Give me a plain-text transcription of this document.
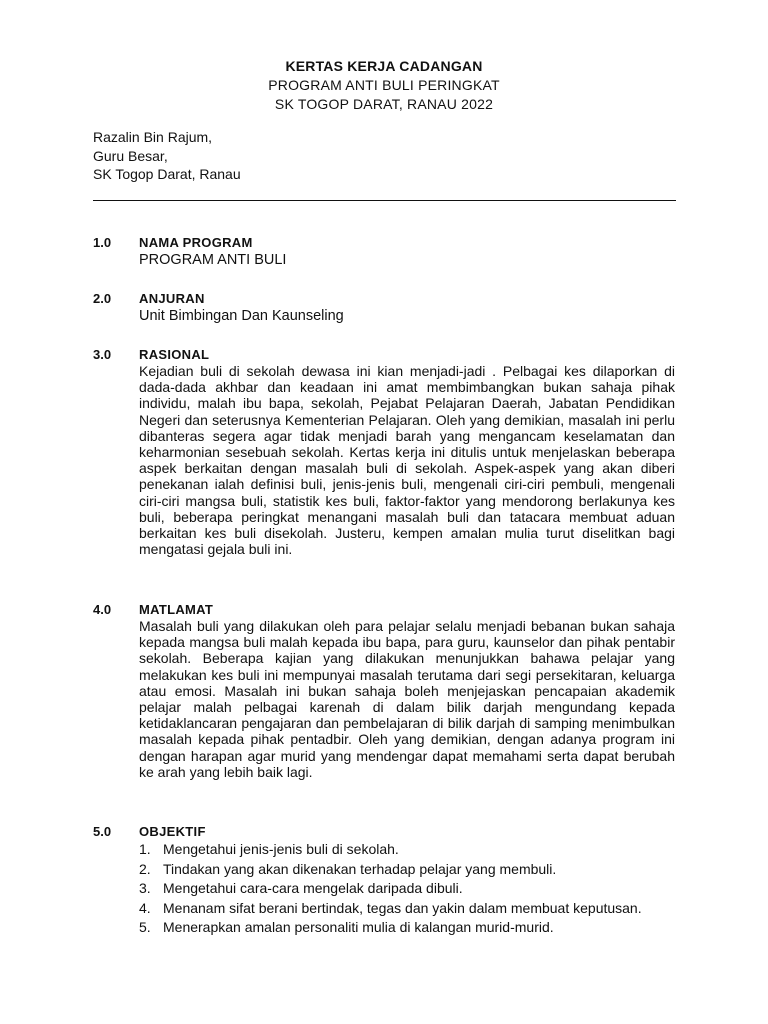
KERTAS KERJA CADANGAN
PROGRAM ANTI BULI PERINGKAT
SK TOGOP DARAT, RANAU 2022
Razalin Bin Rajum,
Guru Besar,
SK Togop Darat, Ranau
1.0 NAMA PROGRAM
PROGRAM ANTI BULI
2.0 ANJURAN
Unit Bimbingan Dan Kaunseling
3.0 RASIONAL

Kejadian buli di sekolah dewasa ini kian menjadi-jadi . Pelbagai kes dilaporkan di dada-dada akhbar dan keadaan ini amat membimbangkan bukan sahaja pihak individu, malah ibu bapa, sekolah, Pejabat Pelajaran Daerah, Jabatan Pendidikan Negeri dan seterusnya Kementerian Pelajaran. Oleh yang demikian, masalah ini perlu dibanteras segera agar tidak menjadi barah yang mengancam keselamatan dan keharmonian sesebuah sekolah. Kertas kerja ini ditulis untuk menjelaskan beberapa aspek berkaitan dengan masalah buli di sekolah. Aspek-aspek yang akan diberi penekanan ialah definisi buli, jenis-jenis buli, mengenali ciri-ciri pembuli, mengenali ciri-ciri mangsa buli, statistik kes buli, faktor-faktor yang mendorong berlakunya kes buli, beberapa peringkat menangani masalah buli dan tatacara membuat aduan berkaitan kes buli disekolah. Justeru, kempen amalan mulia turut diselitkan bagi mengatasi gejala buli ini.

4.0 MATLAMAT

Masalah buli yang dilakukan oleh para pelajar selalu menjadi bebanan bukan sahaja kepada mangsa buli malah kepada ibu bapa, para guru, kaunselor dan pihak pentabir sekolah. Beberapa kajian yang dilakukan menunjukkan bahawa pelajar yang melakukan kes buli ini mempunyai masalah terutama dari segi persekitaran, keluarga atau emosi. Masalah ini bukan sahaja boleh menjejaskan pencapaian akademik pelajar malah pelbagai karenah di dalam bilik darjah mengundang kepada ketidaklancaran pengajaran dan pembelajaran di bilik darjah di samping menimbulkan masalah kepada pihak pentadbir. Oleh yang demikian, dengan adanya program ini dengan harapan agar murid yang mendengar dapat memahami serta dapat berubah ke arah yang lebih baik lagi.

5.0 OBJEKTIF
1. Mengetahui jenis-jenis buli di sekolah.
2. Tindakan yang akan dikenakan terhadap pelajar yang membuli.
3. Mengetahui cara-cara mengelak daripada dibuli.
4. Menanam sifat berani bertindak, tegas dan yakin dalam membuat keputusan.
5. Menerapkan amalan personaliti mulia di kalangan murid-murid.
